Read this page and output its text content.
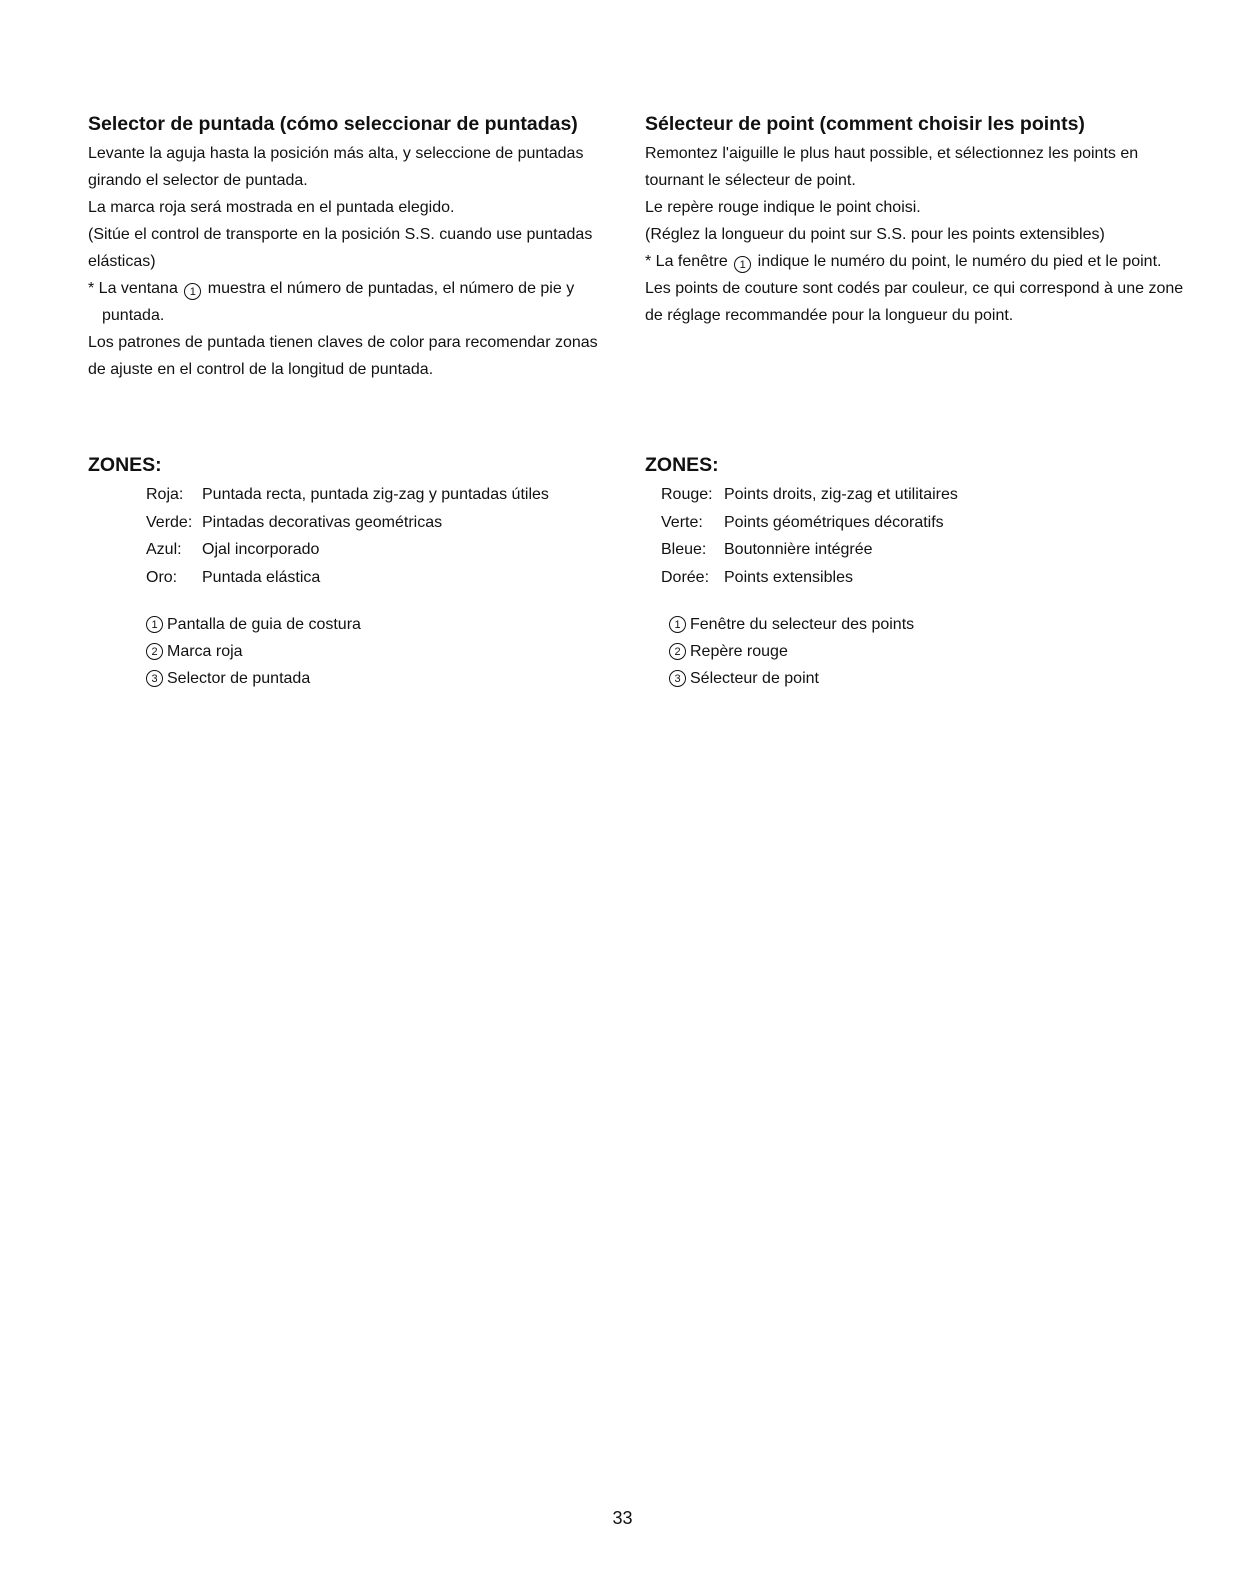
Selector de puntada (cómo seleccionar de puntadas)

Levante la aguja hasta la posición más alta, y seleccione de puntadas girando el selector de puntada.

La marca roja será mostrada en el puntada elegido.

(Sitúe el control de transporte en la posición S.S. cuando use puntadas elásticas)

* La ventana 1 muestra el número de puntadas, el número de pie y puntada.

Los patrones de puntada tienen claves de color para recomendar zonas de ajuste en el control de la longitud de puntada.

Sélecteur de point (comment choisir les points)

Remontez l'aiguille le plus haut possible, et sélectionnez les points en tournant le sélecteur de point.

Le repère rouge indique le point choisi.

(Réglez la longueur du point sur S.S. pour les points extensibles)

* La fenêtre 1 indique le numéro du point, le numéro du pied et le point.

Les points de couture sont codés par couleur, ce qui correspond à une zone de réglage recommandée pour la longueur du point.

ZONES:
Roja:	Puntada recta, puntada zig-zag y puntadas útiles
Verde: Pintadas decorativas geométricas
Azul:	Ojal incorporado
Oro:	Puntada elástica
1 Pantalla de guia de costura
2 Marca roja
3 Selector de puntada
ZONES:
Rouge: Points droits, zig-zag et utilitaires
Verte:	Points géométriques décoratifs
Bleue:	Boutonnière intégrée
Dorée: Points extensibles
1 Fenêtre du selecteur des points
2 Repère rouge
3 Sélecteur de point
33
